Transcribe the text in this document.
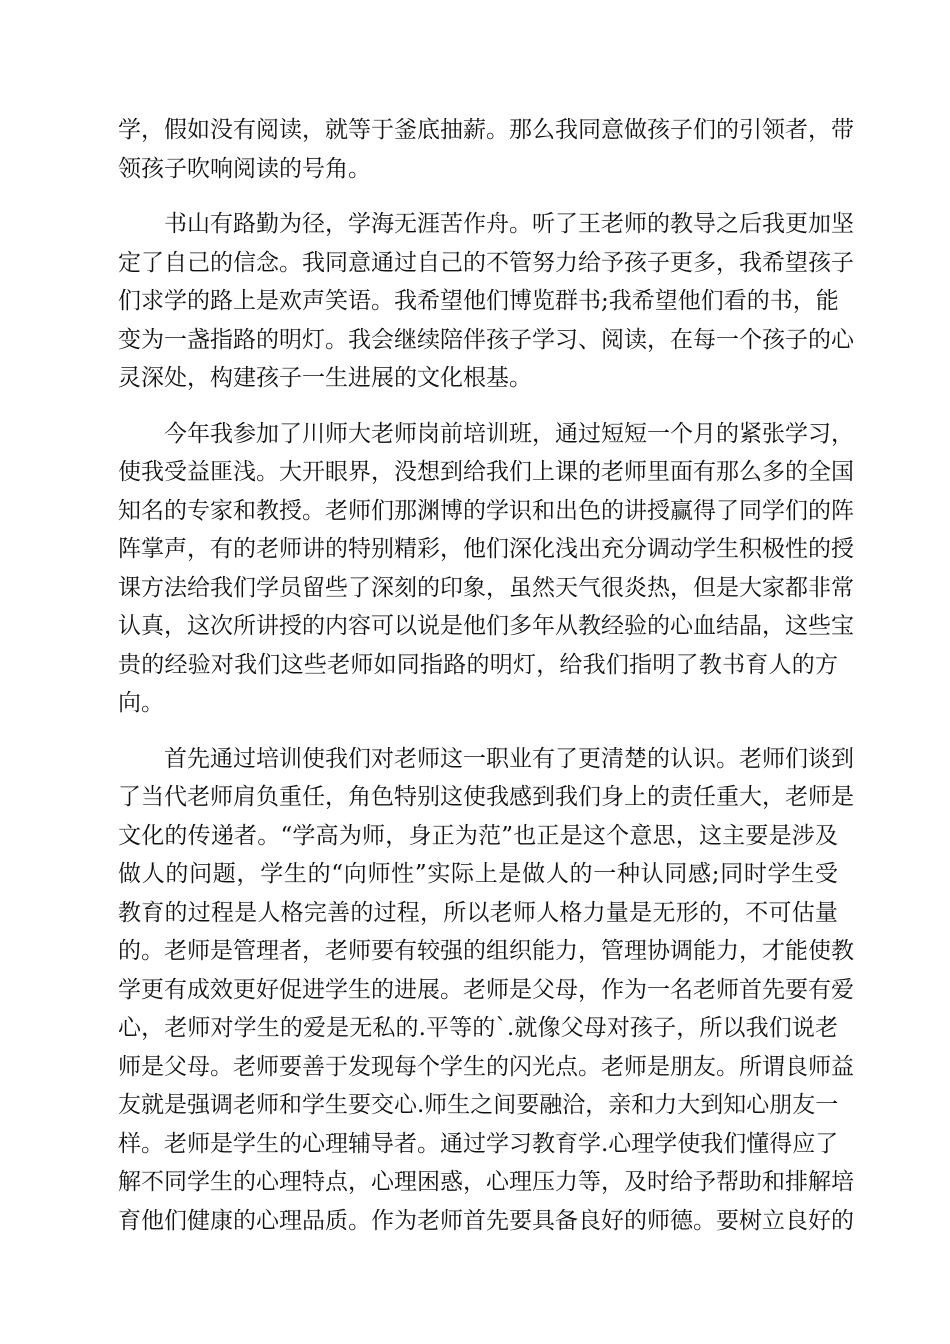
学，假如没有阅读，就等于釜底抽薪。那么我同意做孩子们的引领者，带
领孩子吹响阅读的号角。
　　书山有路勤为径，学海无涯苦作舟。听了王老师的教导之后我更加坚
定了自己的信念。我同意通过自己的不管努力给予孩子更多，我希望孩子
们求学的路上是欢声笑语。我希望他们博览群书;我希望他们看的书，能
变为一盏指路的明灯。我会继续陪伴孩子学习、阅读，在每一个孩子的心
灵深处，构建孩子一生进展的文化根基。
　　今年我参加了川师大老师岗前培训班，通过短短一个月的紧张学习，
使我受益匪浅。大开眼界，没想到给我们上课的老师里面有那么多的全国
知名的专家和教授。老师们那渊博的学识和出色的讲授赢得了同学们的阵
阵掌声，有的老师讲的特别精彩，他们深化浅出充分调动学生积极性的授
课方法给我们学员留些了深刻的印象，虽然天气很炎热，但是大家都非常
认真，这次所讲授的内容可以说是他们多年从教经验的心血结晶，这些宝
贵的经验对我们这些老师如同指路的明灯，给我们指明了教书育人的方
向。
　　首先通过培训使我们对老师这一职业有了更清楚的认识。老师们谈到
了当代老师肩负重任，角色特别这使我感到我们身上的责任重大，老师是
文化的传递者。“学高为师，身正为范”也正是这个意思，这主要是涉及
做人的问题，学生的“向师性”实际上是做人的一种认同感;同时学生受
教育的过程是人格完善的过程，所以老师人格力量是无形的，不可估量
的。老师是管理者，老师要有较强的组织能力，管理协调能力，才能使教
学更有成效更好促进学生的进展。老师是父母，作为一名老师首先要有爱
心，老师对学生的爱是无私的.平等的`.就像父母对孩子，所以我们说老
师是父母。老师要善于发现每个学生的闪光点。老师是朋友。所谓良师益
友就是强调老师和学生要交心.师生之间要融洽，亲和力大到知心朋友一
样。老师是学生的心理辅导者。通过学习教育学.心理学使我们懂得应了
解不同学生的心理特点，心理困惑，心理压力等，及时给予帮助和排解培
育他们健康的心理品质。作为老师首先要具备良好的师德。要树立良好的
